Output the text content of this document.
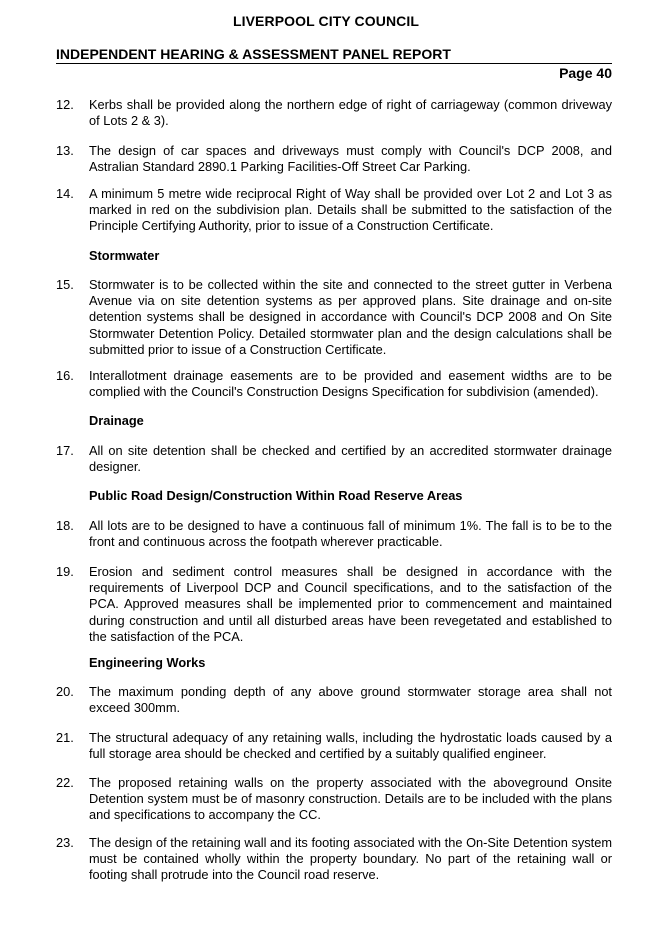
LIVERPOOL CITY COUNCIL
INDEPENDENT HEARING & ASSESSMENT PANEL REPORT
Page 40
12. Kerbs shall be provided along the northern edge of right of carriageway (common driveway of Lots 2 & 3).
13. The design of car spaces and driveways must comply with Council's DCP 2008, and Astralian Standard 2890.1 Parking Facilities-Off Street Car Parking.
14. A minimum 5 metre wide reciprocal Right of Way shall be provided over Lot 2 and Lot 3 as marked in red on the subdivision plan. Details shall be submitted to the satisfaction of the Principle Certifying Authority, prior to issue of a Construction Certificate.
Stormwater
15. Stormwater is to be collected within the site and connected to the street gutter in Verbena Avenue via on site detention systems as per approved plans. Site drainage and on-site detention systems shall be designed in accordance with Council's DCP 2008 and On Site Stormwater Detention Policy. Detailed stormwater plan and the design calculations shall be submitted prior to issue of a Construction Certificate.
16. Interallotment drainage easements are to be provided and easement widths are to be complied with the Council's Construction Designs Specification for subdivision (amended).
Drainage
17. All on site detention shall be checked and certified by an accredited stormwater drainage designer.
Public Road Design/Construction Within Road Reserve Areas
18. All lots are to be designed to have a continuous fall of minimum 1%. The fall is to be to the front and continuous across the footpath wherever practicable.
19. Erosion and sediment control measures shall be designed in accordance with the requirements of Liverpool DCP and Council specifications, and to the satisfaction of the PCA. Approved measures shall be implemented prior to commencement and maintained during construction and until all disturbed areas have been revegetated and established to the satisfaction of the PCA.
Engineering Works
20. The maximum ponding depth of any above ground stormwater storage area shall not exceed 300mm.
21. The structural adequacy of any retaining walls, including the hydrostatic loads caused by a full storage area should be checked and certified by a suitably qualified engineer.
22. The proposed retaining walls on the property associated with the aboveground Onsite Detention system must be of masonry construction. Details are to be included with the plans and specifications to accompany the CC.
23. The design of the retaining wall and its footing associated with the On-Site Detention system must be contained wholly within the property boundary. No part of the retaining wall or footing shall protrude into the Council road reserve.
